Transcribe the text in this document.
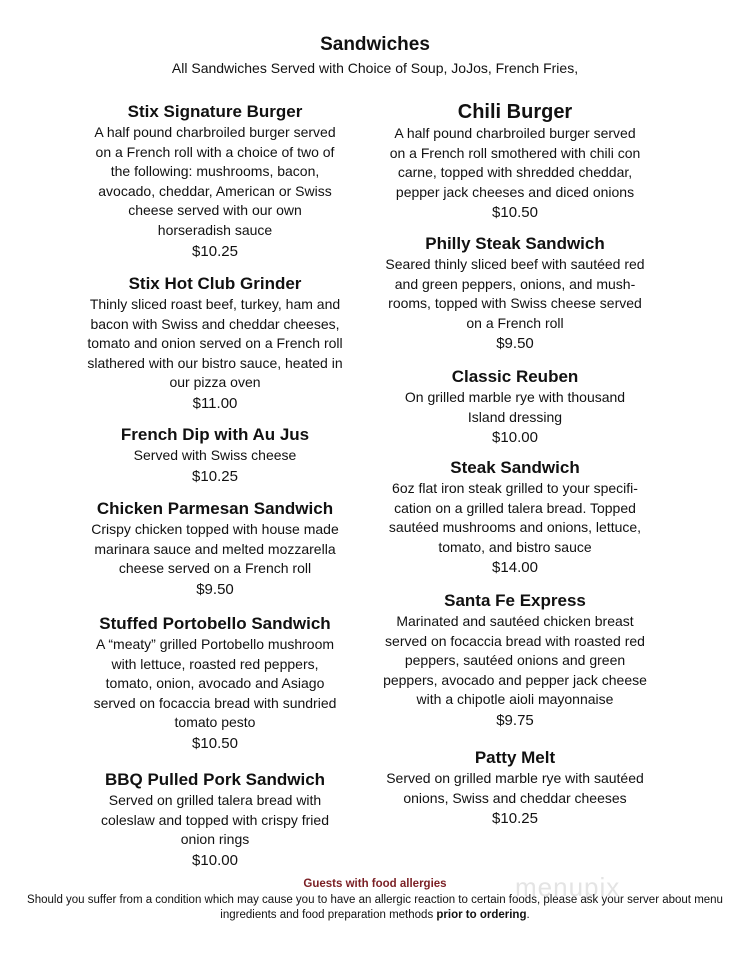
Sandwiches
All Sandwiches Served with Choice of Soup, JoJos, French Fries,
Stix Signature Burger
A half pound charbroiled burger served
on a French roll with a choice of two of
the following: mushrooms, bacon,
avocado, cheddar, American or Swiss
cheese served with our own
horseradish sauce
$10.25
Stix Hot Club Grinder
Thinly sliced roast beef, turkey, ham and
bacon with Swiss and cheddar cheeses,
tomato and onion served on a French roll
slathered with our bistro sauce, heated in
our pizza oven
$11.00
French Dip with Au Jus
Served with Swiss cheese
$10.25
Chicken Parmesan Sandwich
Crispy chicken topped with house made
marinara sauce and melted mozzarella
cheese served on a French roll
$9.50
Stuffed Portobello Sandwich
A “meaty” grilled Portobello mushroom
with lettuce, roasted red peppers,
tomato, onion, avocado and Asiago
served on focaccia bread with sundried
tomato pesto
$10.50
BBQ Pulled Pork Sandwich
Served on grilled talera bread with
coleslaw and topped with crispy fried
onion rings
$10.00
Chili Burger
A half pound charbroiled burger served
on a French roll smothered with chili con
carne, topped with shredded cheddar,
pepper jack cheeses and diced onions
$10.50
Philly Steak Sandwich
Seared thinly sliced beef with sautéed red
and green peppers, onions, and mush-
rooms, topped with Swiss cheese served
on a French roll
$9.50
Classic Reuben
On grilled marble rye with thousand
Island dressing
$10.00
Steak Sandwich
6oz flat iron steak grilled to your specifi-
cation on a grilled talera bread. Topped
sautéed mushrooms and onions, lettuce,
tomato, and bistro sauce
$14.00
Santa Fe Express
Marinated and sautéed chicken breast
served on focaccia bread with roasted red
peppers, sautéed onions and green
peppers, avocado and pepper jack cheese
with a chipotle aioli mayonnaise
$9.75
Patty Melt
Served on grilled marble rye with sautéed
onions, Swiss and cheddar cheeses
$10.25
menupix
Guests with food allergies
Should you suffer from a condition which may cause you to have an allergic reaction to certain foods, please ask your server about menu ingredients and food preparation methods prior to ordering.
